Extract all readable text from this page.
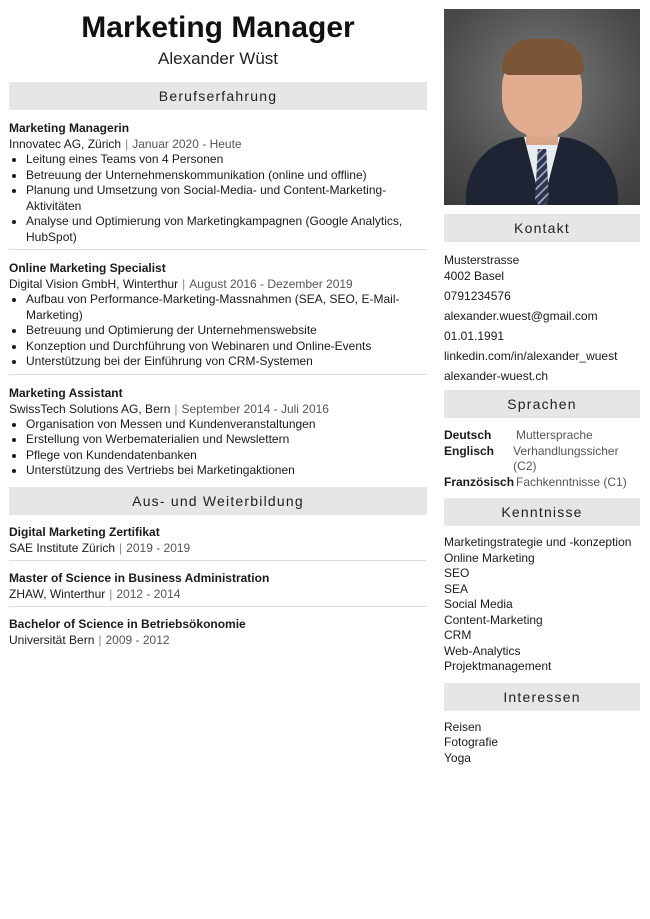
Marketing Manager
Alexander Wüst
Berufserfahrung
Marketing Managerin
Innovatec AG, Zürich | Januar 2020 - Heute
• Leitung eines Teams von 4 Personen
• Betreuung der Unternehmenskommunikation (online und offline)
• Planung und Umsetzung von Social-Media- und Content-Marketing-Aktivitäten
• Analyse und Optimierung von Marketingkampagnen (Google Analytics, HubSpot)
Online Marketing Specialist
Digital Vision GmbH, Winterthur | August 2016 - Dezember 2019
• Aufbau von Performance-Marketing-Massnahmen (SEA, SEO, E-Mail-Marketing)
• Betreuung und Optimierung der Unternehmenswebsite
• Konzeption und Durchführung von Webinaren und Online-Events
• Unterstützung bei der Einführung von CRM-Systemen
Marketing Assistant
SwissTech Solutions AG, Bern | September 2014 - Juli 2016
• Organisation von Messen und Kundenveranstaltungen
• Erstellung von Werbematerialien und Newslettern
• Pflege von Kundendatenbanken
• Unterstützung des Vertriebs bei Marketingaktionen
Aus- und Weiterbildung
Digital Marketing Zertifikat
SAE Institute Zürich | 2019 - 2019
Master of Science in Business Administration
ZHAW, Winterthur | 2012 - 2014
Bachelor of Science in Betriebsökonomie
Universität Bern | 2009 - 2012
Kontakt
Musterstrasse
4002 Basel
0791234576
alexander.wuest@gmail.com
01.01.1991
linkedin.com/in/alexander_wuest
alexander-wuest.ch
Sprachen
Deutsch	Muttersprache
Englisch	Verhandlungssicher (C2)
Französisch Fachkenntnisse (C1)
Kenntnisse
Marketingstrategie und -konzeption
Online Marketing
SEO
SEA
Social Media
Content-Marketing
CRM
Web-Analytics
Projektmanagement
Interessen
Reisen
Fotografie
Yoga
